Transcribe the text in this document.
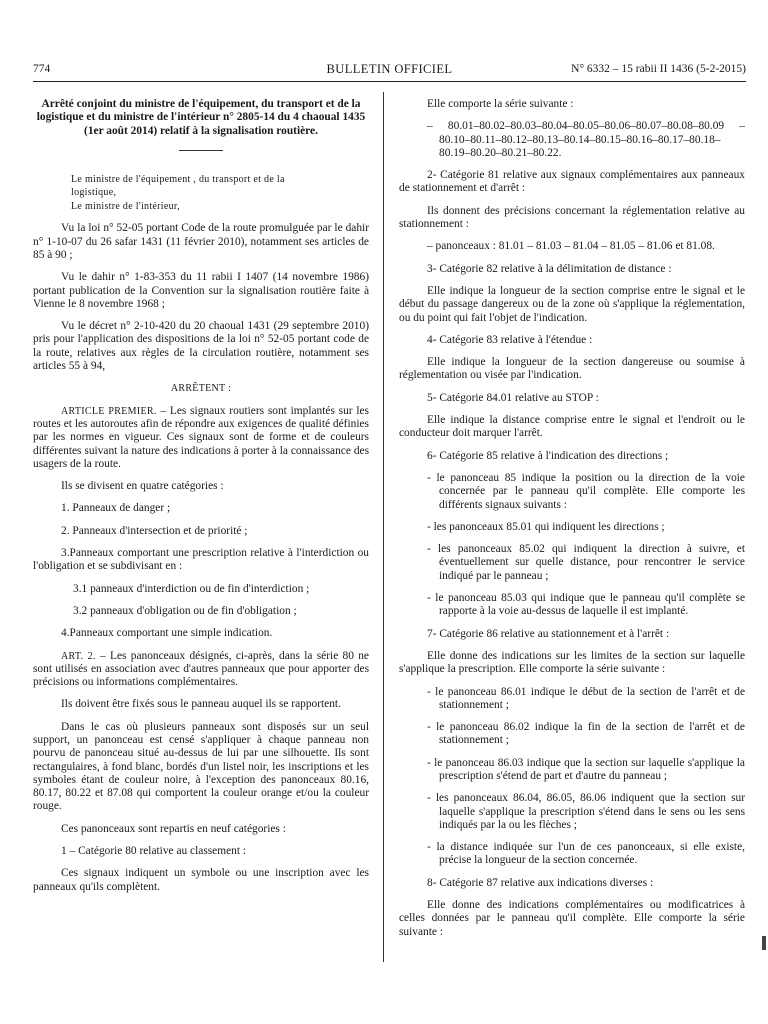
774	BULLETIN OFFICIEL	N° 6332 – 15 rabii II 1436 (5-2-2015)

Arrêté conjoint du ministre de l'équipement, du transport et de la logistique et du ministre de l'intérieur n° 2805-14 du 4 chaoual 1435 (1er août 2014) relatif à la signalisation routière.

Le ministre de l'équipement , du transport et de la
logistique,
Le ministre de l'intérieur,

Vu la loi n° 52-05 portant Code de la route promulguée par le dahir n° 1-10-07 du 26 safar 1431 (11 février 2010), notamment ses articles de 85 à 90 ;

Vu le dahir n° 1-83-353 du 11 rabii I 1407 (14 novembre 1986) portant publication de la Convention sur la signalisation routière faite à Vienne le 8 novembre 1968 ;

Vu le décret n° 2-10-420 du 20 chaoual 1431 (29 septembre 2010) pris pour l'application des dispositions de la loi n° 52-05 portant code de la route, relatives aux règles de la circulation routière, notamment ses articles 55 à 94,

ARRÊTENT :

ARTICLE PREMIER. – Les signaux routiers sont implantés sur les routes et les autoroutes afin de répondre aux exigences de qualité définies par les normes en vigueur. Ces signaux sont de forme et de couleurs différentes suivant la nature des indications à porter à la connaissance des usagers de la route.

Ils se divisent en quatre catégories :

1. Panneaux de danger ;

2. Panneaux d'intersection et de priorité ;

3.Panneaux comportant une prescription relative à l'interdiction ou l'obligation et se subdivisant en :

3.1 panneaux d'interdiction ou de fin d'interdiction ;

3.2 panneaux d'obligation ou de fin d'obligation ;

4.Panneaux comportant une simple indication.

ART. 2. – Les panonceaux désignés, ci-après, dans la série 80 ne sont utilisés en association avec d'autres panneaux que pour apporter des précisions ou informations complémentaires.

Ils doivent être fixés sous le panneau auquel ils se rapportent.

Dans le cas où plusieurs panneaux sont disposés sur un seul support, un panonceau est censé s'appliquer à chaque panneau non pourvu de panonceau situé au-dessus de lui par une silhouette. Ils sont rectangulaires, à fond blanc, bordés d'un listel noir, les inscriptions et les symboles étant de couleur noire, à l'exception des panonceaux 80.16, 80.17, 80.22 et 87.08 qui comportent la couleur orange et/ou la couleur rouge.

Ces panonceaux sont repartis en neuf catégories :

1 – Catégorie 80 relative au classement :

Ces signaux indiquent un symbole ou une inscription avec les panneaux qu'ils complètent.

Elle comporte la série suivante :

– 80.01–80.02–80.03–80.04–80.05–80.06–80.07–80.08–80.09 – 80.10–80.11–80.12–80.13–80.14–80.15–80.16–80.17–80.18–80.19–80.20–80.21–80.22.

2- Catégorie 81 relative aux signaux complémentaires aux panneaux de stationnement et d'arrêt :

Ils donnent des précisions concernant la réglementation relative au stationnement :

– panonceaux : 81.01 – 81.03 – 81.04 – 81.05 – 81.06 et 81.08.

3- Catégorie 82 relative à la délimitation de distance :

Elle indique la longueur de la section comprise entre le signal et le début du passage dangereux ou de la zone où s'applique la réglementation, ou du point qui fait l'objet de l'indication.

4- Catégorie 83 relative à l'étendue :

Elle indique la longueur de la section dangereuse ou soumise à réglementation ou visée par l'indication.

5- Catégorie 84.01 relative au STOP :

Elle indique la distance comprise entre le signal et l'endroit ou le conducteur doit marquer l'arrêt.

6- Catégorie 85 relative à l'indication des directions ;

- le panonceau 85 indique la position ou la direction de la voie concernée par le panneau qu'il complète. Elle comporte les différents signaux suivants :

- les panonceaux 85.01 qui indiquent les directions ;

- les panonceaux 85.02 qui indiquent la direction à suivre, et éventuellement sur quelle distance, pour rencontrer le service indiqué par le panneau ;

- le panonceau 85.03 qui indique que le panneau qu'il complète se rapporte à la voie au-dessus de laquelle il est implanté.

7- Catégorie 86 relative au stationnement et à l'arrêt :

Elle donne des indications sur les limites de la section sur laquelle s'applique la prescription. Elle comporte la série suivante :

- le panonceau 86.01 indique le début de la section de l'arrêt et de stationnement ;

- le panonceau 86.02 indique la fin de la section de l'arrêt et de stationnement ;

- le panonceau 86.03 indique que la section sur laquelle s'applique la prescription s'étend de part et d'autre du panneau ;

- les panonceaux 86.04, 86.05, 86.06 indiquent que la section sur laquelle s'applique la prescription s'étend dans le sens ou les sens indiqués par la ou les flèches ;

- la distance indiquée sur l'un de ces panonceaux, si elle existe, précise la longueur de la section concernée.

8- Catégorie 87 relative aux indications diverses :

Elle donne des indications complémentaires ou modificatrices à celles données par le panneau qu'il complète. Elle comporte la série suivante :
